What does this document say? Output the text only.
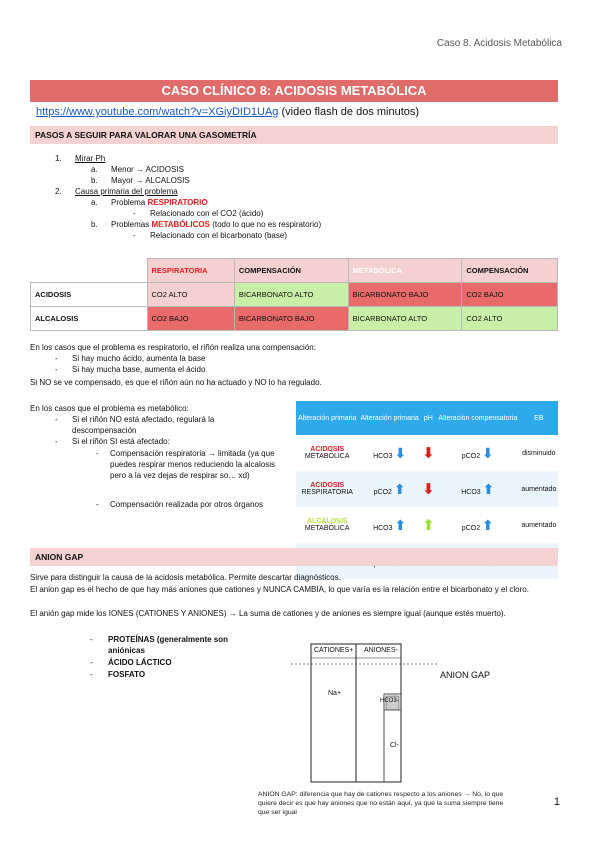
Caso 8. Acidosis Metabólica
CASO CLÍNICO 8: ACIDOSIS METABÓLICA
https://www.youtube.com/watch?v=XGiyDID1UAg (video flash de dos minutos)
PASOS A SEGUIR PARA VALORAR UNA GASOMETRÍA
1. Mirar Ph
a. Menor → ACIDOSIS
b. Mayor → ALCALOSIS
2. Causa primaria del problema
a. Problema RESPIRATORIO
- Relacionado con el CO2 (ácido)
b. Problemas METABÓLICOS (todo lo que no es respiratorio)
- Relacionado con el bicarbonato (base)
	RESPIRATORIA	COMPENSACIÓN	METABÓLICA	COMPENSACIÓN
ACIDOSIS	CO2 ALTO	BICARBONATO ALTO	BICARBONATO BAJO	CO2 BAJO
ALCALOSIS	CO2 BAJO	BICARBONATO BAJO	BICARBONATO ALTO	CO2 ALTO
En los casos que el problema es respiratorio, el riñón realiza una compensación:
- Si hay mucho ácido, aumenta la base
- Si hay mucha base, aumenta el ácido
Si NO se ve compensado, es que el riñón aún no ha actuado y NO lo ha regulado.
En los casos que el problema es metabólico:
- Si el riñón NO está afectado, regulará la descompensación
- Si el riñón SI está afectado:
- Compensación respiratoria → limitada (ya que puedes respirar menos reduciendo la alcalosis pero a la vez dejas de respirar so… xd)
- Compensación realizada por otros órganos
Alteración primaria	Alteración primaria	pH	Alteración compensatoria	EB
ACIDOSIS
METABÓLICA	HCO3 ⬇	⬇	pCO2 ⬇	disminuido
ACIDOSIS
RESPIRATORIA	pCO2 ⬆	⬇	HCO3 ⬆	aumentado
ALCALOSIS
METABÓLICA	HCO3 ⬆	⬆	pCO2 ⬆	aumentado

ANION GAP
Sirve para distinguir la causa de la acidosis metabólica. Permite descartar diagnósticos.
El anion gap es el hecho de que hay más aniones que cationes y NUNCA CAMBIA, lo que varía es la relación entre el bicarbonato y el cloro.
El anión gap mide los IONES (CATIONES Y ANIONES) → La suma de cationes y de aniones es siempre igual (aunque estés muerto).
- PROTEÍNAS (generalmente son aniónicas
- ÁCIDO LÁCTICO
- FOSFATO
CATIONES+ ANIONES-
ANION GAP
Na+
HCO3-
Cl-
ANION GAP: diferencia que hay de cationes respecto a los aniones → No, lo que quiere decir es que hay aniones que no están aquí, ya que la suma siempre tiene que ser igual
1
